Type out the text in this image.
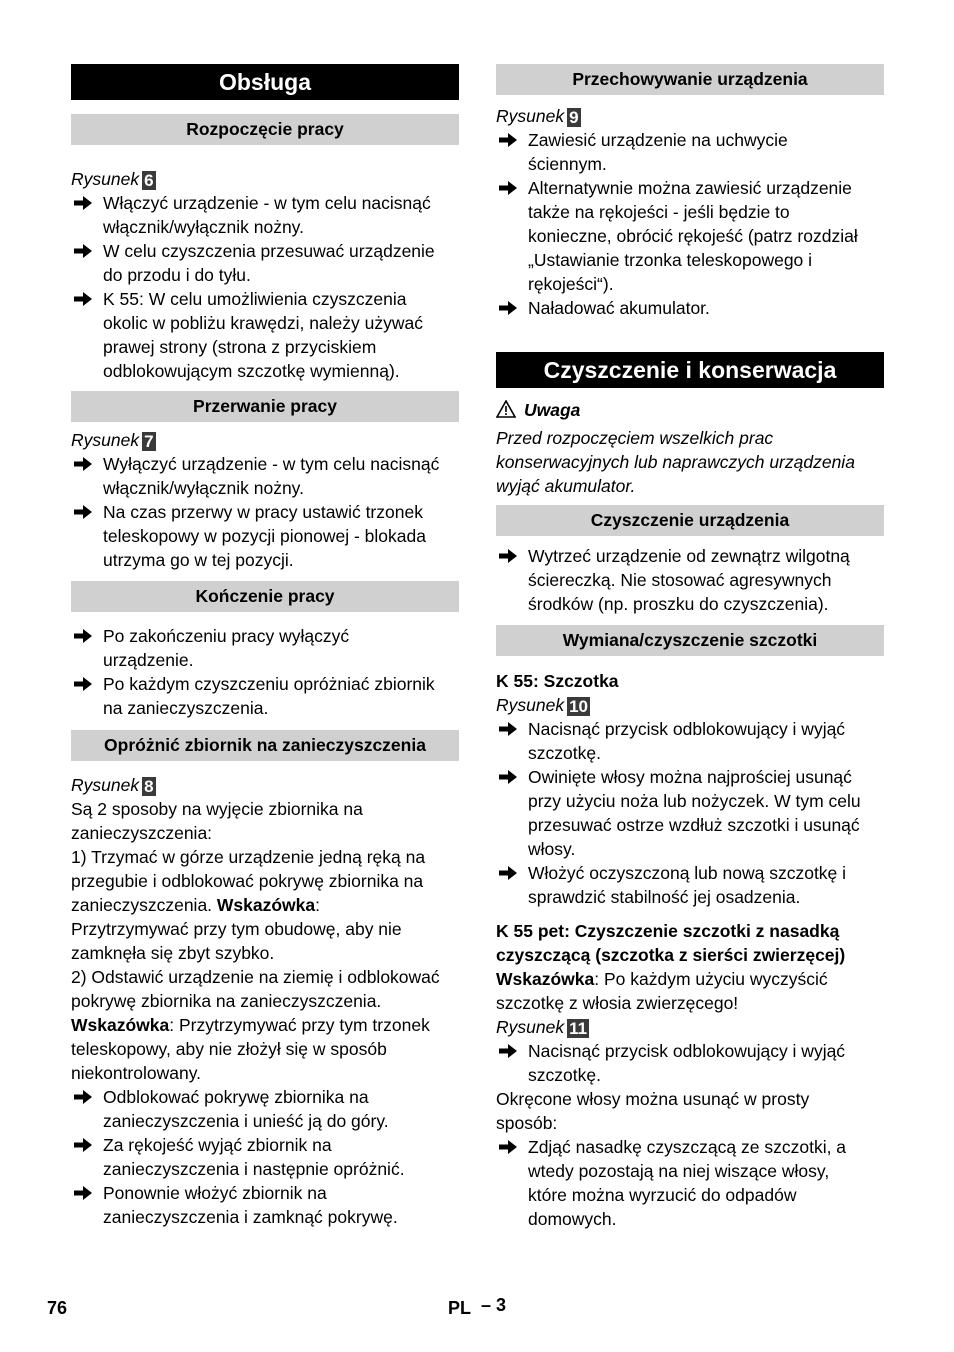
Obsługa
Rozpoczęcie pracy
Rysunek 6
Włączyć urządzenie - w tym celu nacisnąć
włącznik/wyłącznik nożny.
W celu czyszczenia przesuwać urządzenie
do przodu i do tyłu.
K 55: W celu umożliwienia czyszczenia
okolic w pobliżu krawędzi, należy używać
prawej strony (strona z przyciskiem
odblokowującym szczotkę wymienną).
Przerwanie pracy
Rysunek 7
Wyłączyć urządzenie - w tym celu nacisnąć
włącznik/wyłącznik nożny.
Na czas przerwy w pracy ustawić trzonek
teleskopowy w pozycji pionowej - blokada
utrzyma go w tej pozycji.
Kończenie pracy
Po zakończeniu pracy wyłączyć
urządzenie.
Po każdym czyszczeniu opróżniać zbiornik
na zanieczyszczenia.
Opróżnić zbiornik na zanieczyszczenia
Rysunek 8
Są 2 sposoby na wyjęcie zbiornika na
zanieczyszczenia:
1) Trzymać w górze urządzenie jedną ręką na
przegubie i odblokować pokrywę zbiornika na
zanieczyszczenia. Wskazówka:
Przytrzymywać przy tym obudowę, aby nie
zamknęła się zbyt szybko.
2) Odstawić urządzenie na ziemię i odblokować
pokrywę zbiornika na zanieczyszczenia.
Wskazówka: Przytrzymywać przy tym trzonek
teleskopowy, aby nie złożył się w sposób
niekontrolowany.
Odblokować pokrywę zbiornika na
zanieczyszczenia i unieść ją do góry.
Za rękojeść wyjąć zbiornik na
zanieczyszczenia i następnie opróżnić.
Ponownie włożyć zbiornik na
zanieczyszczenia i zamknąć pokrywę.
Przechowywanie urządzenia
Rysunek 9
Zawiesić urządzenie na uchwycie
ściennym.
Alternatywnie można zawiesić urządzenie
także na rękojeści - jeśli będzie to
konieczne, obrócić rękojeść (patrz rozdział
„Ustawianie trzonka teleskopowego i
rękojeści“).
Naładować akumulator.
Czyszczenie i konserwacja
Uwaga
Przed rozpoczęciem wszelkich prac
konserwacyjnych lub naprawczych urządzenia
wyjąć akumulator.
Czyszczenie urządzenia
Wytrzeć urządzenie od zewnątrz wilgotną
ściereczką. Nie stosować agresywnych
środków (np. proszku do czyszczenia).
Wymiana/czyszczenie szczotki
K 55: Szczotka
Rysunek 10
Nacisnąć przycisk odblokowujący i wyjąć
szczotkę.
Owinięte włosy można najprościej usunąć
przy użyciu noża lub nożyczek. W tym celu
przesuwać ostrze wzdłuż szczotki i usunąć
włosy.
Włożyć oczyszczoną lub nową szczotkę i
sprawdzić stabilność jej osadzenia.
K 55 pet: Czyszczenie szczotki z nasadką
czyszczącą (szczotka z sierści zwierzęcej)
Wskazówka: Po każdym użyciu wyczyścić
szczotkę z włosia zwierzęcego!
Rysunek 11
Nacisnąć przycisk odblokowujący i wyjąć
szczotkę.
Okręcone włosy można usunąć w prosty
sposób:
Zdjąć nasadkę czyszczącą ze szczotki, a
wtedy pozostają na niej wiszące włosy,
które można wyrzucić do odpadów
domowych.
76	PL – 3
